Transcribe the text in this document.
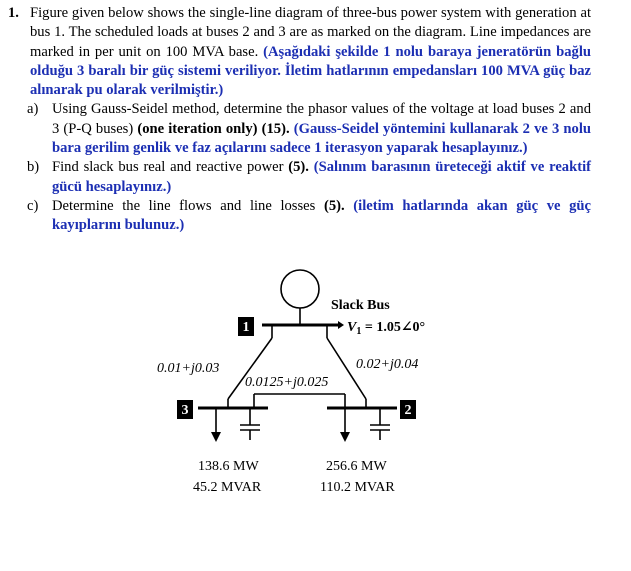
1. Figure given below shows the single-line diagram of three-bus power system with generation at bus 1. The scheduled loads at buses 2 and 3 are as marked on the diagram. Line impedances are marked in per unit on 100 MVA base. (Aşağıdaki şekilde 1 nolu baraya jeneratörün bağlu olduğu 3 baralı bir güç sistemi veriliyor. İletim hatlarının empedansları 100 MVA güç baz alınarak pu olarak verilmiştir.)
a) Using Gauss-Seidel method, determine the phasor values of the voltage at load buses 2 and 3 (P-Q buses) (one iteration only) (15). (Gauss-Seidel yöntemini kullanarak 2 ve 3 nolu bara gerilim genlik ve faz açılarını sadece 1 iterasyon yaparak hesaplayınız.)
b) Find slack bus real and reactive power (5). (Salınım barasının üreteceği aktif ve reaktif gücü hesaplayınız.)
c) Determine the line flows and line losses (5). (iletim hatlarında akan güç ve güç kayıplarını bulunuz.)
1
3	2
Slack Bus
$V_1$ = 1.05∠0°
0.01+j0.03	0.02+j0.04
0.0125+j0.025
138.6 MW
45.2 MVAR
256.6 MW
110.2 MVAR
